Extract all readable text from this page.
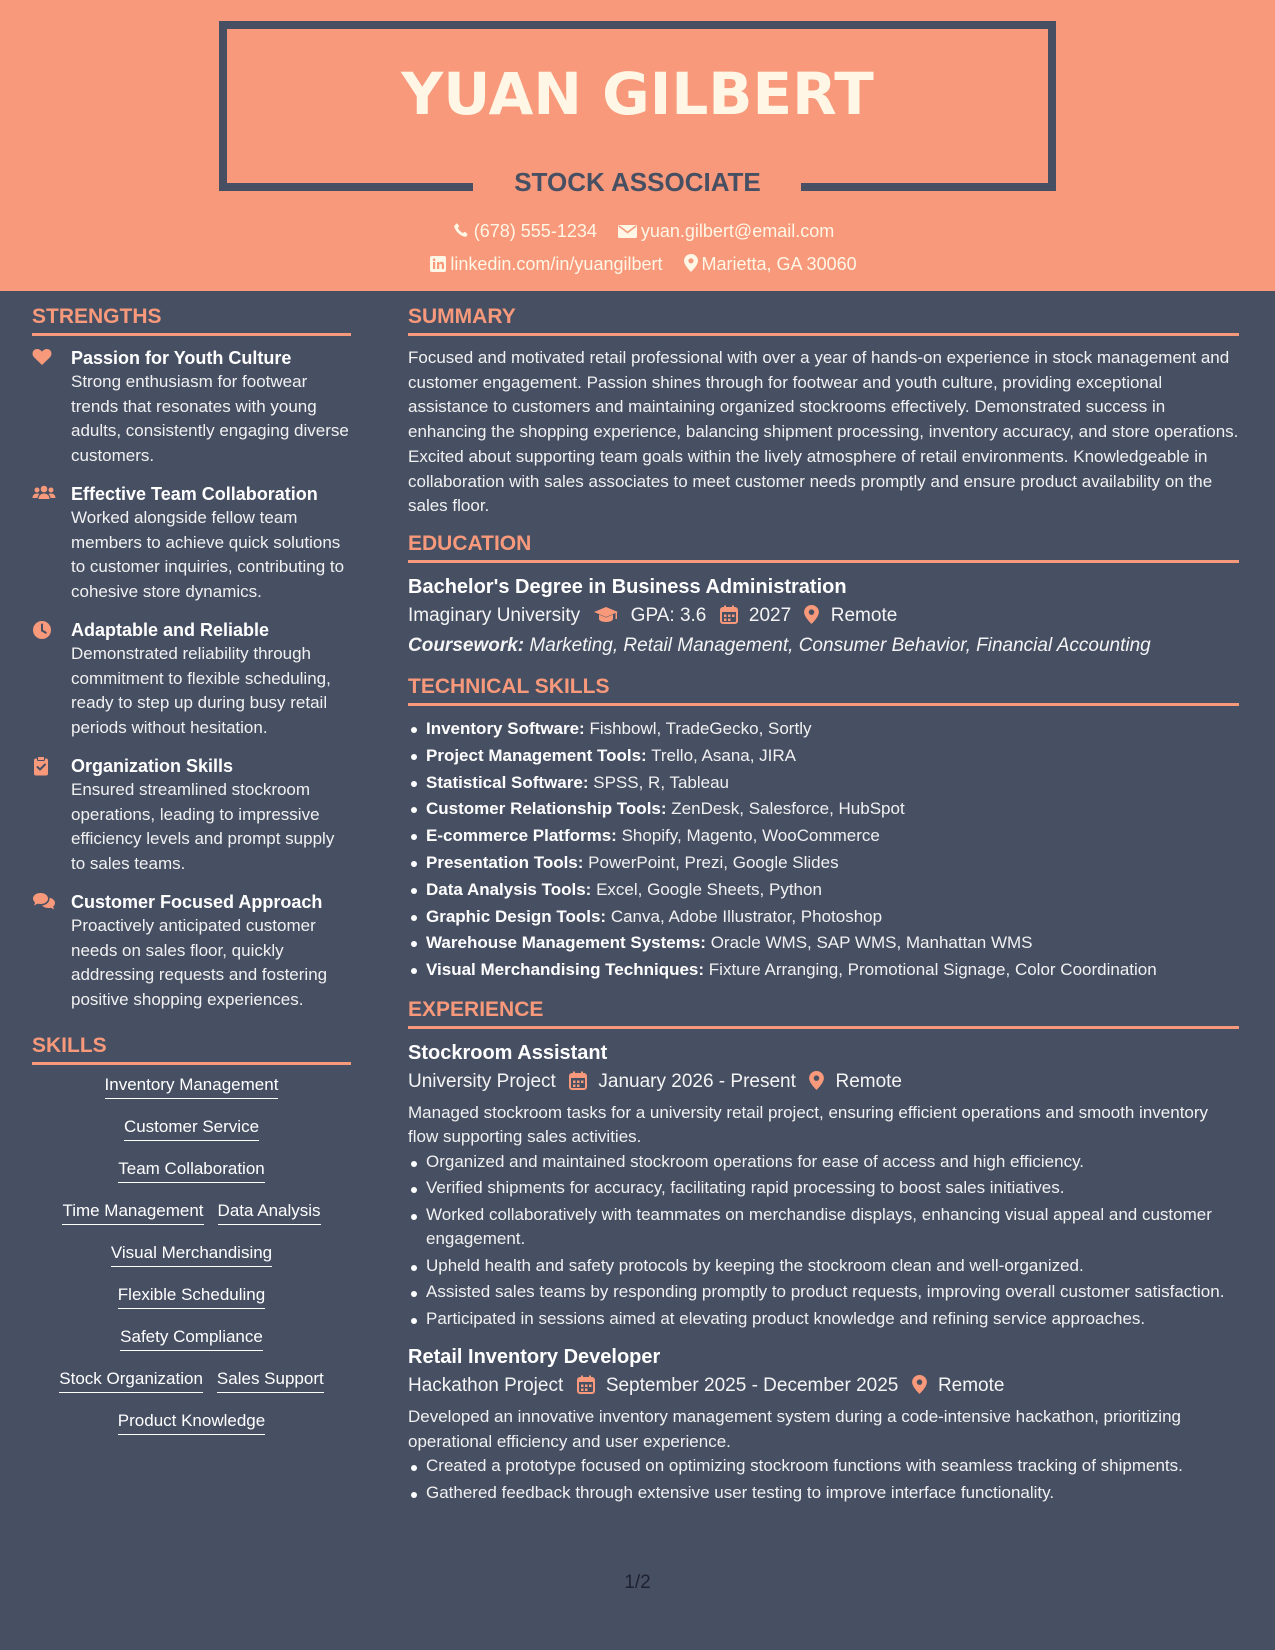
YUAN GILBERT
STOCK ASSOCIATE
(678) 555-1234 yuan.gilbert@email.com
linkedin.com/in/yuangilbert Marietta, GA 30060
STRENGTHS
Passion for Youth Culture
Strong enthusiasm for footwear trends that resonates with young adults, consistently engaging diverse customers.
Effective Team Collaboration
Worked alongside fellow team members to achieve quick solutions to customer inquiries, contributing to cohesive store dynamics.
Adaptable and Reliable
Demonstrated reliability through commitment to flexible scheduling, ready to step up during busy retail periods without hesitation.
Organization Skills
Ensured streamlined stockroom operations, leading to impressive efficiency levels and prompt supply to sales teams.
Customer Focused Approach
Proactively anticipated customer needs on sales floor, quickly addressing requests and fostering positive shopping experiences.
SKILLS
Inventory Management
Customer Service
Team Collaboration
Time Management Data Analysis
Visual Merchandising
Flexible Scheduling
Safety Compliance
Stock Organization Sales Support
Product Knowledge
SUMMARY
Focused and motivated retail professional with over a year of hands-on experience in stock management and customer engagement. Passion shines through for footwear and youth culture, providing exceptional assistance to customers and maintaining organized stockrooms effectively. Demonstrated success in enhancing the shopping experience, balancing shipment processing, inventory accuracy, and store operations. Excited about supporting team goals within the lively atmosphere of retail environments. Knowledgeable in collaboration with sales associates to meet customer needs promptly and ensure product availability on the sales floor.
EDUCATION
Bachelor's Degree in Business Administration
Imaginary University	GPA: 3.6 2027 Remote
Coursework: Marketing, Retail Management, Consumer Behavior, Financial Accounting
TECHNICAL SKILLS
Inventory Software: Fishbowl, TradeGecko, Sortly
Project Management Tools: Trello, Asana, JIRA
Statistical Software: SPSS, R, Tableau
Customer Relationship Tools: ZenDesk, Salesforce, HubSpot
E-commerce Platforms: Shopify, Magento, WooCommerce
Presentation Tools: PowerPoint, Prezi, Google Slides
Data Analysis Tools: Excel, Google Sheets, Python
Graphic Design Tools: Canva, Adobe Illustrator, Photoshop
Warehouse Management Systems: Oracle WMS, SAP WMS, Manhattan WMS
Visual Merchandising Techniques: Fixture Arranging, Promotional Signage, Color Coordination
EXPERIENCE
Stockroom Assistant
University Project January 2026 - Present Remote
Managed stockroom tasks for a university retail project, ensuring efficient operations and smooth inventory flow supporting sales activities.
Organized and maintained stockroom operations for ease of access and high efficiency.
Verified shipments for accuracy, facilitating rapid processing to boost sales initiatives.
Worked collaboratively with teammates on merchandise displays, enhancing visual appeal and customer engagement.
Upheld health and safety protocols by keeping the stockroom clean and well-organized.
Assisted sales teams by responding promptly to product requests, improving overall customer satisfaction.
Participated in sessions aimed at elevating product knowledge and refining service approaches.
Retail Inventory Developer
Hackathon Project September 2025 - December 2025 Remote
Developed an innovative inventory management system during a code-intensive hackathon, prioritizing operational efficiency and user experience.
Created a prototype focused on optimizing stockroom functions with seamless tracking of shipments.
Gathered feedback through extensive user testing to improve interface functionality.
1/2
